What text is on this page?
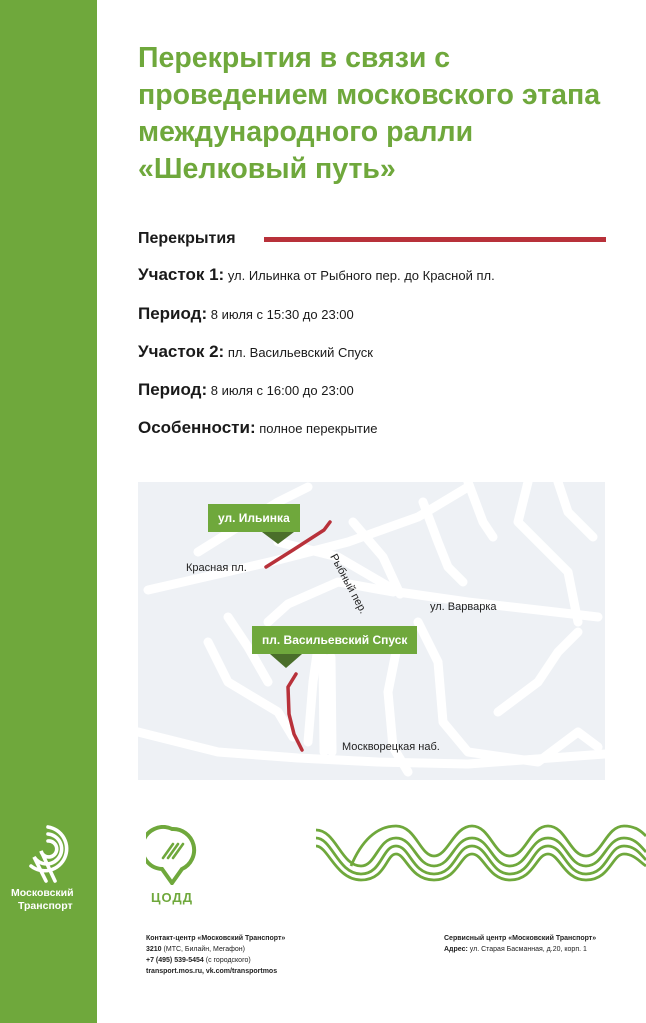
Перекрытия в связи с проведением московского этапа международного ралли «Шелковый путь»
Перекрытия
Участок 1: ул. Ильинка от Рыбного пер. до Красной пл.
Период: 8 июля с 15:30 до 23:00
Участок 2: пл. Васильевский Спуск
Период: 8 июля с 16:00 до 23:00
Особенности: полное перекрытие
ул. Ильинка
пл. Васильевский Спуск
Красная пл.	Рыбный пер.	ул. Варварка
Москворецкая наб.
Московский
Транспорт
ЦОДД
Контакт-центр «Московский Транспорт»
3210 (МТС, Билайн, Мегафон)
+7 (495) 539-5454 (с городского)
transport.mos.ru, vk.com/transportmos
Сервисный центр «Московский Транспорт»
Адрес: ул. Старая Басманная, д.20, корп. 1
